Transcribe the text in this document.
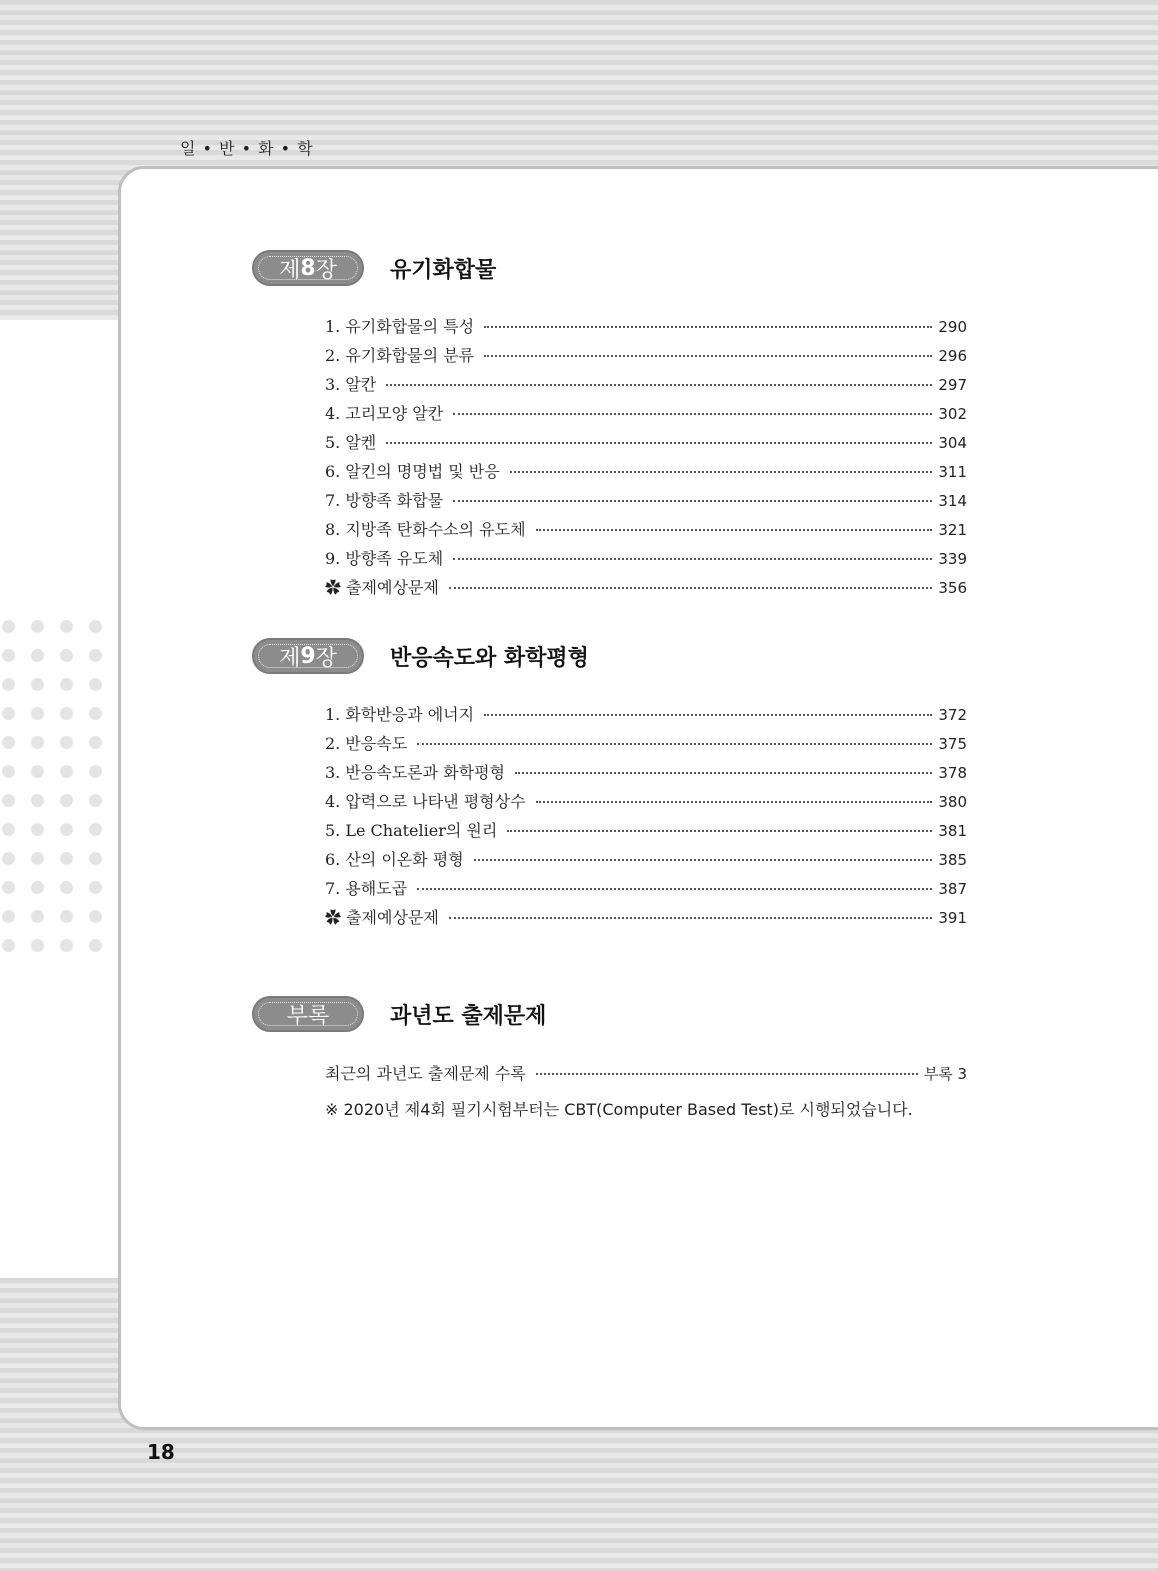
일 • 반 • 화 • 학
제 8 장 유기화합물
1. 유기화합물의 특성	290
2. 유기화합물의 분류	296
3. 알칸	297
4. 고리모양 알칸	302
5. 알켄	304
6. 알킨의 명명법 및 반응	311
7. 방향족 화합물	314
8. 지방족 탄화수소의 유도체	321
9. 방향족 유도체	339
✿ 출제예상문제	356
제 9 장 반응속도와 화학평형
1. 화학반응과 에너지	372
2. 반응속도	375
3. 반응속도론과 화학평형	378
4. 압력으로 나타낸 평형상수	380
5. Le Chatelier의 원리	381
6. 산의 이온화 평형	385
7. 용해도곱	387
✿ 출제예상문제	391
부록	과년도 출제문제
최근의 과년도 출제문제 수록	부록 3
※ 2020년 제4회 필기시험부터는 CBT(Computer Based Test)로 시행되었습니다.
18
